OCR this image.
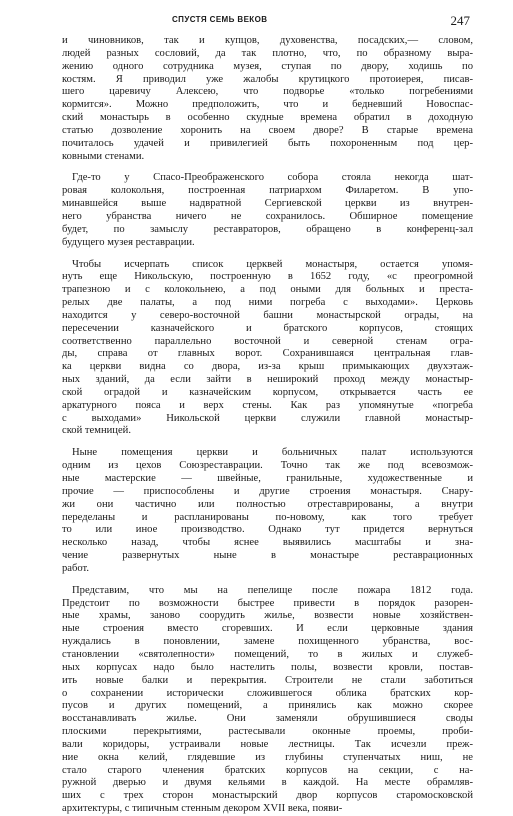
СПУСТЯ СЕМЬ ВЕКОВ	247
и чиновников, так и купцов, духовенства, посадских,— словом,
людей разных сословий, да так плотно, что, по образному выра-
жению одного сотрудника музея, ступая по двору, ходишь по
костям. Я приводил уже жалобы крутицкого протоиерея, писав-
шего царевичу Алексею, что подворье «только погребениями
кормится». Можно предположить, что и бедневший Новоспас-
ский монастырь в особенно скудные времена обратил в доходную
статью дозволение хоронить на своем дворе? В старые времена
почиталось удачей и привилегией быть похороненным под цер-
ковными стенами.
Где-то у Спасо-Преображенского собора стояла некогда шат-
ровая колокольня, построенная патриархом Филаретом. В упо-
минавшейся выше надвратной Сергиевской церкви из внутрен-
него убранства ничего не сохранилось. Обширное помещение
будет, по замыслу реставраторов, обращено в конференц-зал
будущего музея реставрации.
Чтобы исчерпать список церквей монастыря, остается упомя-
нуть еще Никольскую, построенную в 1652 году, «с преогромной
трапезною и с колокольнею, а под оными для больных и преста-
релых две палаты, а под ними погреба с выходами». Церковь
находится у северо-восточной башни монастырской ограды, на
пересечении казначейского и братского корпусов, стоящих
соответственно параллельно восточной и северной стенам огра-
ды, справа от главных ворот. Сохранившаяся центральная глав-
ка церкви видна со двора, из-за крыш примыкающих двухэтаж-
ных зданий, да если зайти в неширокий проход между монастыр-
ской оградой и казначейским корпусом, открывается часть ее
аркатурного пояса и верх стены. Как раз упомянутые «погреба
с выходами» Никольской церкви служили главной монастыр-
ской темницей.
Ныне помещения церкви и больничных палат используются
одним из цехов Союзреставрации. Точно так же под всевозмож-
ные мастерские — швейные, гранильные, художественные и
прочие — приспособлены и другие строения монастыря. Снару-
жи они частично или полностью отреставрированы, а внутри
переделаны и распланированы по-новому, как того требует
то или иное производство. Однако тут придется вернуться
несколько назад, чтобы яснее выявились масштабы и зна-
чение развернутых ныне в монастыре реставрационных
работ.
Представим, что мы на пепелище после пожара 1812 года.
Предстоит по возможности быстрее привести в порядок разорен-
ные храмы, заново соорудить жилье, возвести новые хозяйствен-
ные строения вместо сгоревших. И если церковные здания
нуждались в поновлении, замене похищенного убранства, вос-
становлении «святолепности» помещений, то в жилых и служеб-
ных корпусах надо было настелить полы, возвести кровли, постав-
ить новые балки и перекрытия. Строители не стали заботиться
о сохранении исторически сложившегося облика братских кор-
пусов и других помещений, а принялись как можно скорее
восстанавливать жилье. Они заменяли обрушившиеся своды
плоскими перекрытиями, растесывали оконные проемы, проби-
вали коридоры, устраивали новые лестницы. Так исчезли преж-
ние окна келий, глядевшие из глубины ступенчатых ниш, не
стало старого членения братских корпусов на секции, с на-
ружной дверью и двумя кельями в каждой. На месте обрамляв-
ших с трех сторон монастырский двор корпусов старомосковской
архитектуры, с типичным стенным декором XVII века, появи-
